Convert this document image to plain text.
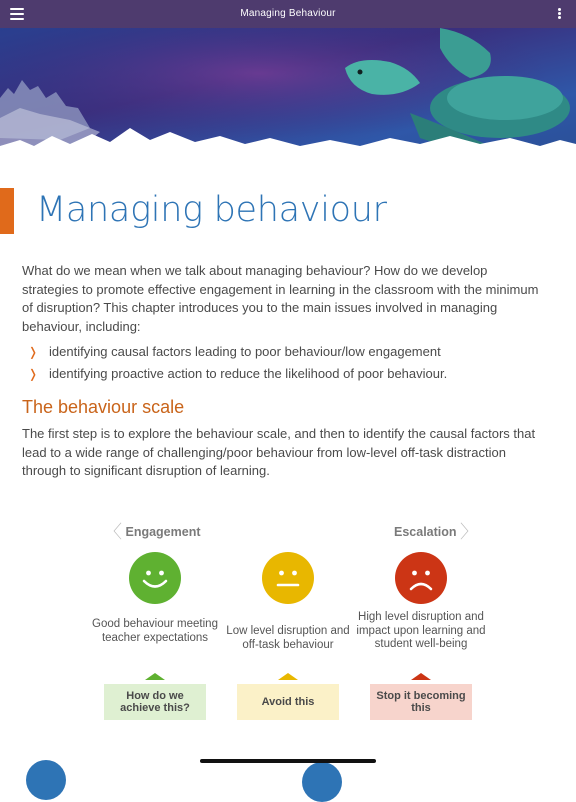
Managing Behaviour
Managing behaviour

What do we mean when we talk about managing behaviour? How do we develop strategies to promote effective engagement in learning in the classroom with the minimum of disruption? This chapter introduces you to the main issues involved in managing behaviour, including:

❭ identifying causal factors leading to poor behaviour/low engagement
❭ identifying proactive action to reduce the likelihood of poor behaviour.
The behaviour scale

The first step is to explore the behaviour scale, and then to identify the causal factors that lead to a wide range of challenging/poor behaviour from low-level off-task distraction through to significant disruption of learning.

〈 Engagement	Escalation 〉
Good behaviour meeting teacher expectations
Low level disruption and off-task behaviour
High level disruption and impact upon learning and student well-being
How do we achieve this?
Avoid this
Stop it becoming this
